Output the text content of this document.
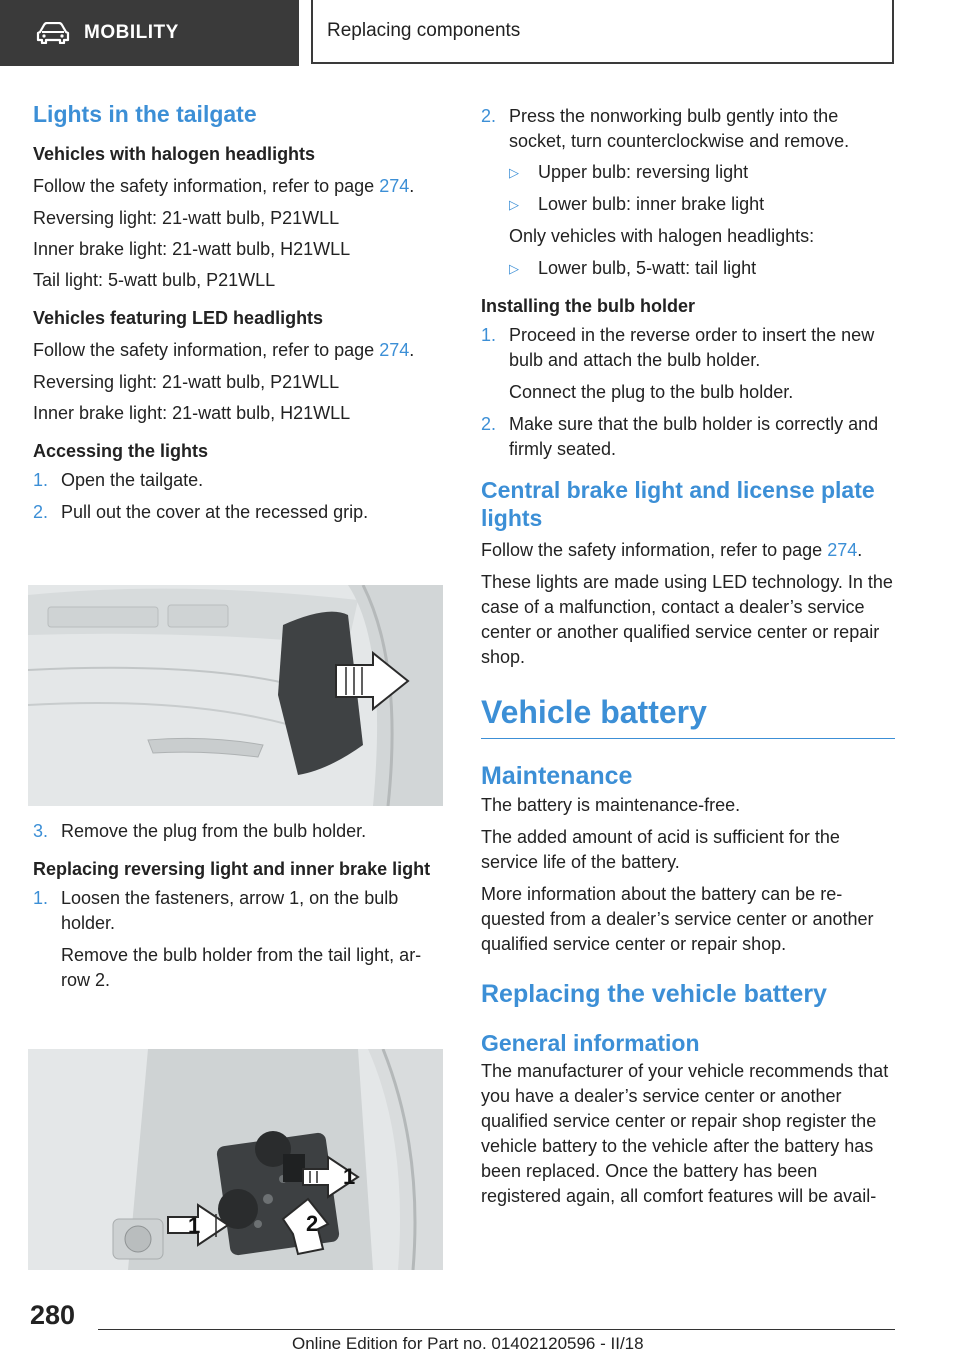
MOBILITY	Replacing components
Lights in the tailgate

Vehicles with halogen headlights

Follow the safety information, refer to page 274.

Reversing light: 21-watt bulb, P21WLL

Inner brake light: 21-watt bulb, H21WLL

Tail light: 5-watt bulb, P21WLL

Vehicles featuring LED headlights

Follow the safety information, refer to page 274.

Reversing light: 21-watt bulb, P21WLL

Inner brake light: 21-watt bulb, H21WLL

Accessing the lights

1. Open the tailgate.
2. Pull out the cover at the recessed grip.
3. Remove the plug from the bulb holder.

Replacing reversing light and inner brake light

1. Loosen the fasteners, arrow 1, on the bulb holder.

Remove the bulb holder from the tail light, ar‐row 2.

1
1	2
2. Press the nonworking bulb gently into the socket, turn counterclockwise and remove.
▷	Upper bulb: reversing light
▷	Lower bulb: inner brake light

Only vehicles with halogen headlights:

▷	Lower bulb, 5-watt: tail light

Installing the bulb holder

1. Proceed in the reverse order to insert the new bulb and attach the bulb holder.

Connect the plug to the bulb holder.

2. Make sure that the bulb holder is correctly and firmly seated.
Central brake light and license plate lights

Follow the safety information, refer to page 274.

These lights are made using LED technology. In the case of a malfunction, contact a dealer’s service center or another qualified service center or repair shop.

Vehicle battery
Maintenance

The battery is maintenance-free.

The added amount of acid is sufficient for the service life of the battery.

More information about the battery can be re‐quested from a dealer’s service center or another qualified service center or repair shop.

Replacing the vehicle battery
General information

The manufacturer of your vehicle recommends that you have a dealer’s service center or another qualified service center or repair shop register the vehicle battery to the vehicle after the battery has been replaced. Once the battery has been registered again, all comfort features will be avail‐

280
Online Edition for Part no. 01402120596 - II/18
